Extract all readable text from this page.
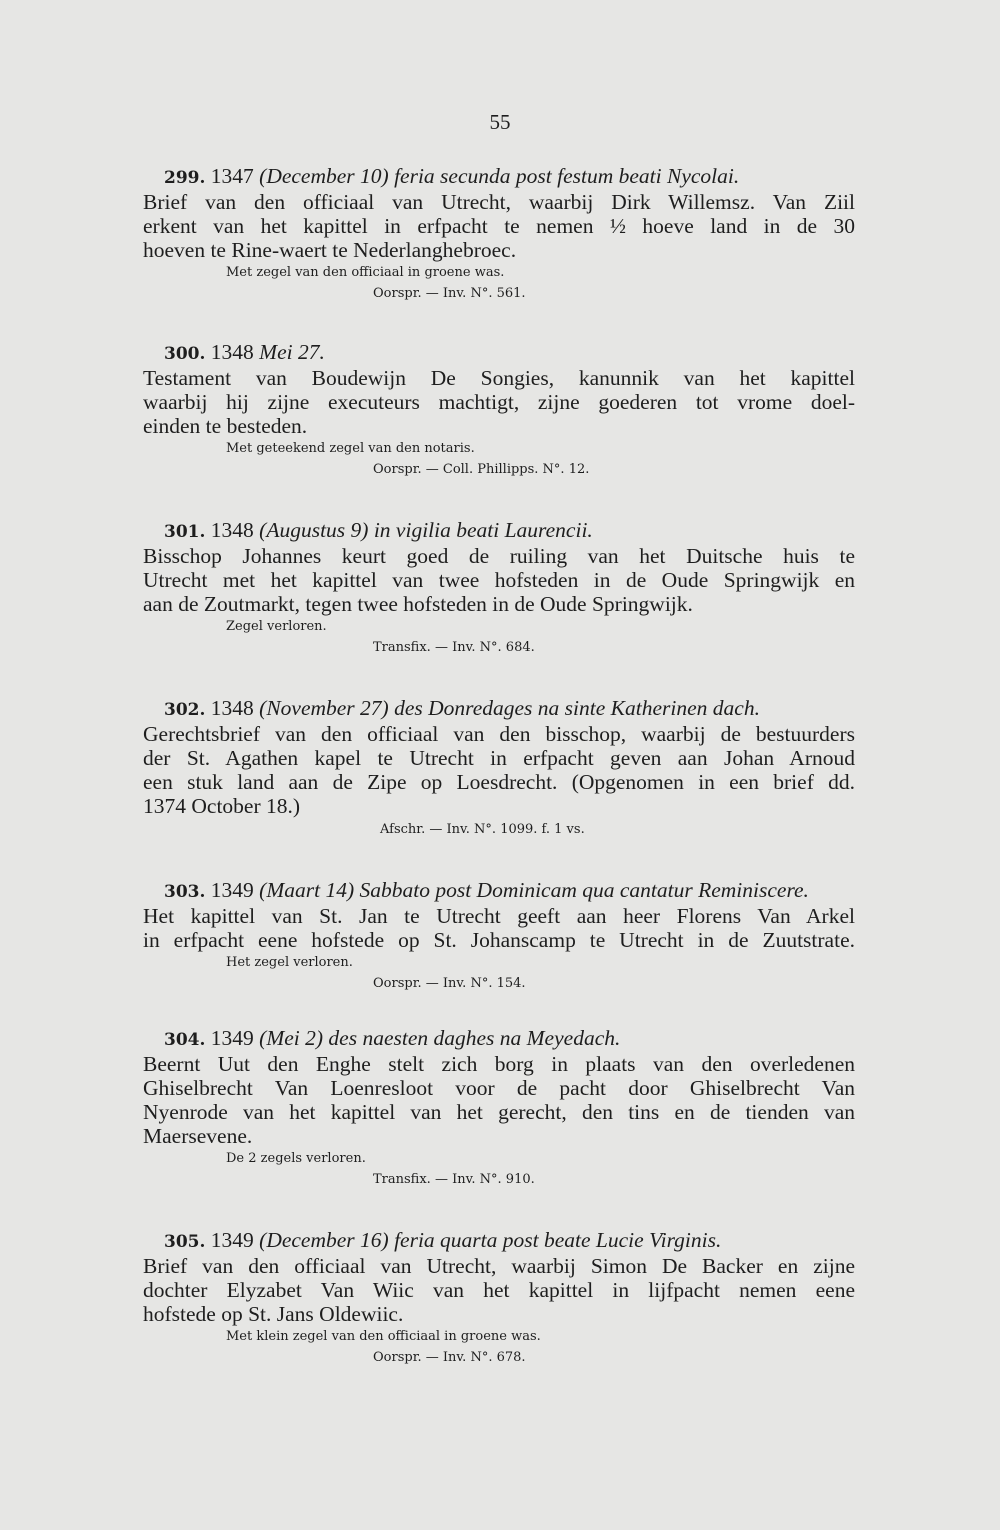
55
299. 1347 (December 10) feria secunda post festum beati Nycolai.
Brief van den officiaal van Utrecht, waarbij Dirk Willemsz. Van Ziil
erkent van het kapittel in erfpacht te nemen ½ hoeve land in de 30
hoeven te Rine-waert te Nederlanghebroec.
Met zegel van den officiaal in groene was.
Oorspr. — Inv. N°. 561.
300. 1348 Mei 27.
Testament van Boudewijn De Songies, kanunnik van het kapittel
waarbij hij zijne executeurs machtigt, zijne goederen tot vrome doel-
einden te besteden.
Met geteekend zegel van den notaris.
Oorspr. — Coll. Phillipps. N°. 12.
301. 1348 (Augustus 9) in vigilia beati Laurencii.
Bisschop Johannes keurt goed de ruiling van het Duitsche huis te
Utrecht met het kapittel van twee hofsteden in de Oude Springwijk en
aan de Zoutmarkt, tegen twee hofsteden in de Oude Springwijk.
Zegel verloren.
Transfix. — Inv. N°. 684.
302. 1348 (November 27) des Donredages na sinte Katherinen dach.
Gerechtsbrief van den officiaal van den bisschop, waarbij de bestuurders
der St. Agathen kapel te Utrecht in erfpacht geven aan Johan Arnoud
een stuk land aan de Zipe op Loesdrecht. (Opgenomen in een brief dd.
1374 October 18.)
Afschr. — Inv. N°. 1099. f. 1 vs.
303. 1349 (Maart 14) Sabbato post Dominicam qua cantatur Reminiscere.
Het kapittel van St. Jan te Utrecht geeft aan heer Florens Van Arkel
in erfpacht eene hofstede op St. Johanscamp te Utrecht in de Zuutstrate.
Het zegel verloren.
Oorspr. — Inv. N°. 154.
304. 1349 (Mei 2) des naesten daghes na Meyedach.
Beernt Uut den Enghe stelt zich borg in plaats van den overledenen
Ghiselbrecht Van Loenresloot voor de pacht door Ghiselbrecht Van
Nyenrode van het kapittel van het gerecht, den tins en de tienden van
Maersevene.
De 2 zegels verloren.
Transfix. — Inv. N°. 910.
305. 1349 (December 16) feria quarta post beate Lucie Virginis.
Brief van den officiaal van Utrecht, waarbij Simon De Backer en zijne
dochter Elyzabet Van Wiic van het kapittel in lijfpacht nemen eene
hofstede op St. Jans Oldewiic.
Met klein zegel van den officiaal in groene was.
Oorspr. — Inv. N°. 678.
